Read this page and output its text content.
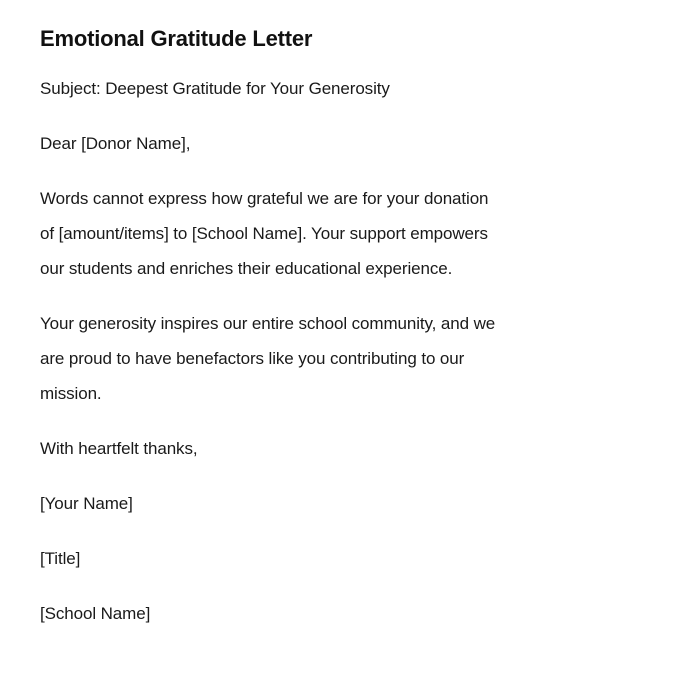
Emotional Gratitude Letter

Subject: Deepest Gratitude for Your Generosity

Dear [Donor Name],

Words cannot express how grateful we are for your donation
of [amount/items] to [School Name]. Your support empowers
our students and enriches their educational experience.

Your generosity inspires our entire school community, and we
are proud to have benefactors like you contributing to our
mission.

With heartfelt thanks,

[Your Name]

[Title]

[School Name]
